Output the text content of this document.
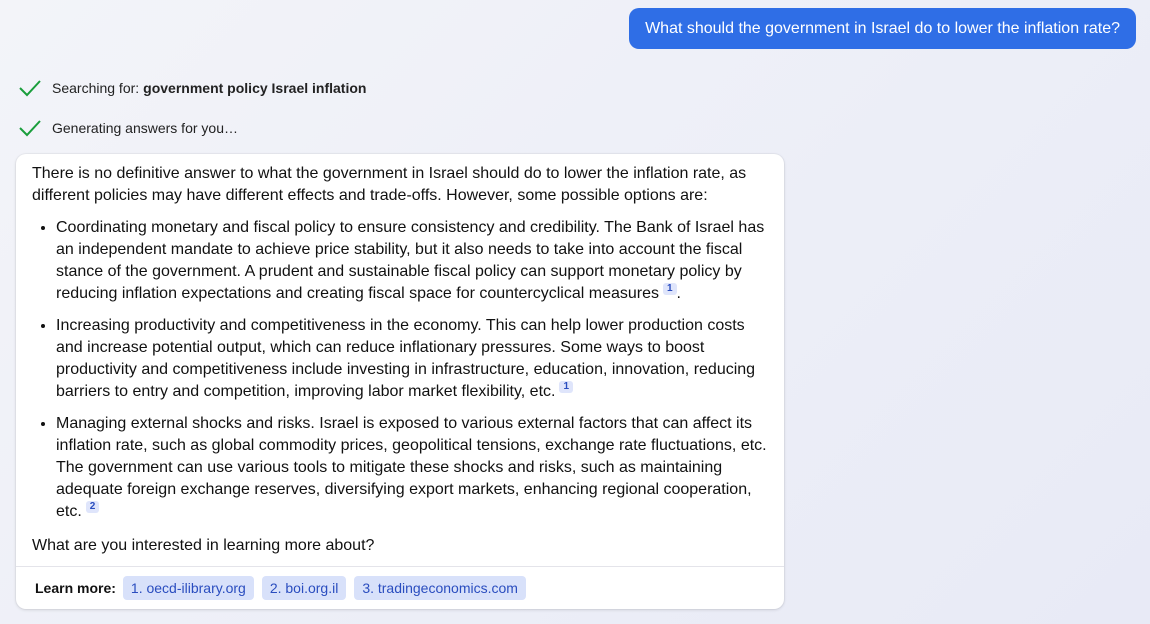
What should the government in Israel do to lower the inflation rate?
Searching for: government policy Israel inflation
Generating answers for you…

There is no definitive answer to what the government in Israel should do to lower the inflation rate, as different policies may have different effects and trade-offs. However, some possible options are:

• Coordinating monetary and fiscal policy to ensure consistency and credibility. The Bank of Israel has an independent mandate to achieve price stability, but it also needs to take into account the fiscal stance of the government. A prudent and sustainable fiscal policy can support monetary policy by reducing inflation expectations and creating fiscal space for countercyclical measures 1 .
• Increasing productivity and competitiveness in the economy. This can help lower production costs and increase potential output, which can reduce inflationary pressures. Some ways to boost productivity and competitiveness include investing in infrastructure, education, innovation, reducing barriers to entry and competition, improving labor market flexibility, etc. 1
• Managing external shocks and risks. Israel is exposed to various external factors that can affect its inflation rate, such as global commodity prices, geopolitical tensions, exchange rate fluctuations, etc. The government can use various tools to mitigate these shocks and risks, such as maintaining adequate foreign exchange reserves, diversifying export markets, enhancing regional cooperation, etc. 2

What are you interested in learning more about?

Learn more:	1. oecd-ilibrary.org	2. boi.org.il	3. tradingeconomics.com
